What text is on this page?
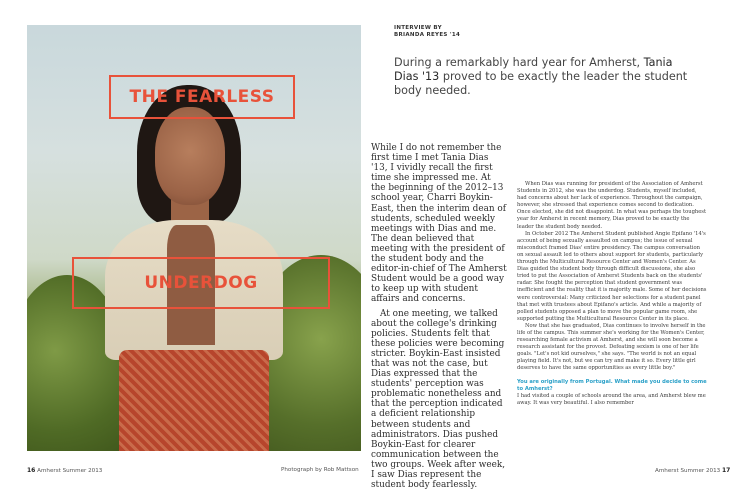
THE FEARLESS
UNDERDOG
INTERVIEW BY
BRIANDA REYES '14
During a remarkably hard year for Amherst, Tania Dias '13 proved to be exactly the leader the student body needed.

While I do not remember the first time I met Tania Dias '13, I vividly recall the first time she impressed me. At the beginning of the 2012–13 school year, Charri Boykin-East, then the interim dean of students, scheduled weekly meetings with Dias and me. The dean believed that meeting with the president of the student body and the editor-in-chief of The Amherst Student would be a good way to keep up with student affairs and concerns.

At one meeting, we talked about the college's drinking policies. Students felt that these policies were becoming stricter. Boykin-East insisted that was not the case, but Dias expressed that the students' perception was problematic nonetheless and that the perception indicated a deficient relationship between students and administrators. Dias pushed Boykin-East for clearer communication between the two groups. Week after week, I saw Dias represent the student body fearlessly.

When Dias was running for president of the Association of Amherst Students in 2012, she was the underdog. Students, myself included, had concerns about her lack of experience. Throughout the campaign, however, she stressed that experience comes second to dedication. Once elected, she did not disappoint. In what was perhaps the toughest year for Amherst in recent memory, Dias proved to be exactly the leader the student body needed.

In October 2012 The Amherst Student published Angie Epifano '14's account of being sexually assaulted on campus; the issue of sexual misconduct framed Dias' entire presidency. The campus conversation on sexual assault led to others about support for students, particularly through the Multicultural Resource Center and Women's Center. As Dias guided the student body through difficult discussions, she also tried to put the Association of Amherst Students back on the students' radar. She fought the perception that student government was inefficient and the reality that it is majority male. Some of her decisions were controversial: Many criticized her selections for a student panel that met with trustees about Epifano's article. And while a majority of polled students opposed a plan to move the popular game room, she supported putting the Multicultural Resource Center in its place.

Now that she has graduated, Dias continues to involve herself in the life of the campus. This summer she's working for the Women's Center, researching female activism at Amherst, and she will soon become a research assistant for the provost. Defeating sexism is one of her life goals. "Let's not kid ourselves," she says. "The world is not an equal playing field. It's not, but we can try and make it so. Every little girl deserves to have the same opportunities as every little boy."

You are originally from Portugal. What made you decide to come to Amherst?

I had visited a couple of schools around the area, and Amherst blew me away. It was very beautiful. I also remember

16 Amherst Summer 2013	Photograph by Rob Mattson	Amherst Summer 2013 17
